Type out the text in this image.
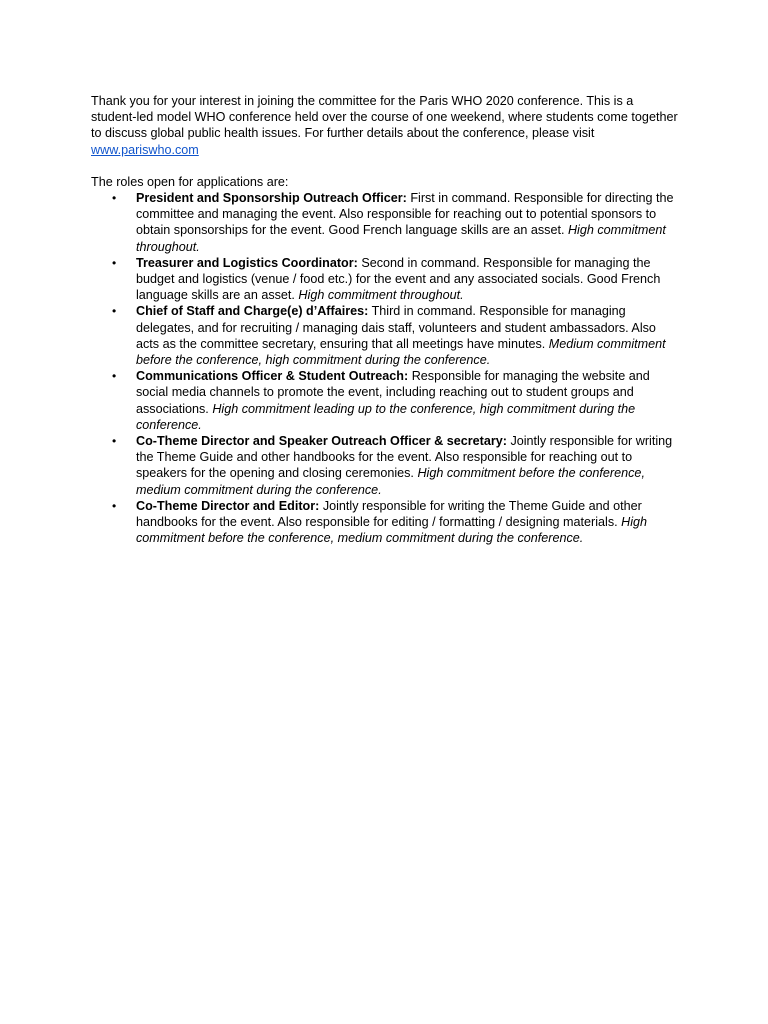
Thank you for your interest in joining the committee for the Paris WHO 2020 conference. This is a student-led model WHO conference held over the course of one weekend, where students come together to discuss global public health issues. For further details about the conference, please visit www.pariswho.com

The roles open for applications are:

• President and Sponsorship Outreach Officer: First in command. Responsible for directing the committee and managing the event. Also responsible for reaching out to potential sponsors to obtain sponsorships for the event. Good French language skills are an asset. High commitment throughout.
• Treasurer and Logistics Coordinator: Second in command. Responsible for managing the budget and logistics (venue / food etc.) for the event and any associated socials. Good French language skills are an asset. High commitment throughout.
• Chief of Staff and Charge(e) d’Affaires: Third in command. Responsible for managing delegates, and for recruiting / managing dais staff, volunteers and student ambassadors. Also acts as the committee secretary, ensuring that all meetings have minutes. Medium commitment before the conference, high commitment during the conference.
• Communications Officer & Student Outreach: Responsible for managing the website and social media channels to promote the event, including reaching out to student groups and associations. High commitment leading up to the conference, high commitment during the conference.
• Co-Theme Director and Speaker Outreach Officer & secretary: Jointly responsible for writing the Theme Guide and other handbooks for the event. Also responsible for reaching out to speakers for the opening and closing ceremonies. High commitment before the conference, medium commitment during the conference.
• Co-Theme Director and Editor: Jointly responsible for writing the Theme Guide and other handbooks for the event. Also responsible for editing / formatting / designing materials. High commitment before the conference, medium commitment during the conference.
